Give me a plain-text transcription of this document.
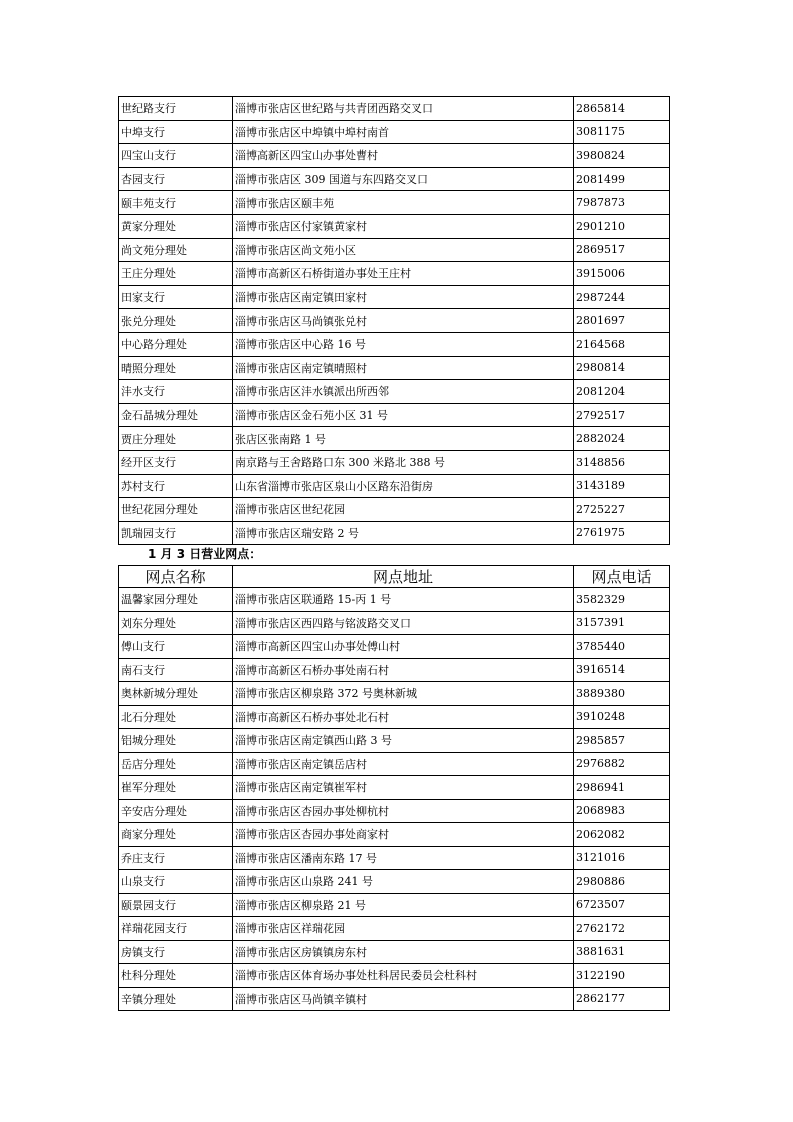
世纪路支行	淄博市张店区世纪路与共青团西路交叉口	2865814
中埠支行	淄博市张店区中埠镇中埠村南首	3081175
四宝山支行	淄博高新区四宝山办事处曹村	3980824
杏园支行	淄博市张店区 309 国道与东四路交叉口	2081499
颐丰苑支行	淄博市张店区颐丰苑	7987873
黄家分理处	淄博市张店区付家镇黄家村	2901210
尚文苑分理处	淄博市张店区尚文苑小区	2869517
王庄分理处	淄博市高新区石桥街道办事处王庄村	3915006
田家支行	淄博市张店区南定镇田家村	2987244
张兑分理处	淄博市张店区马尚镇张兑村	2801697
中心路分理处	淄博市张店区中心路 16 号	2164568
晴照分理处	淄博市张店区南定镇晴照村	2980814
沣水支行	淄博市张店区沣水镇派出所西邻	2081204
金石晶城分理处	淄博市张店区金石苑小区 31 号	2792517
贾庄分理处	张店区张南路 1 号	2882024
经开区支行	南京路与王舍路路口东 300 米路北 388 号	3148856
苏村支行	山东省淄博市张店区泉山小区路东沿街房	3143189
世纪花园分理处	淄博市张店区世纪花园	2725227
凯瑞园支行	淄博市张店区瑞安路 2 号	2761975
1 月 3 日营业网点：
网点名称	网点地址	网点电话
温馨家园分理处	淄博市张店区联通路 15-丙 1 号	3582329
刘东分理处	淄博市张店区西四路与铭波路交叉口	3157391
傅山支行	淄博市高新区四宝山办事处傅山村	3785440
南石支行	淄博市高新区石桥办事处南石村	3916514
奥林新城分理处	淄博市张店区柳泉路 372 号奥林新城	3889380
北石分理处	淄博市高新区石桥办事处北石村	3910248
铝城分理处	淄博市张店区南定镇西山路 3 号	2985857
岳店分理处	淄博市张店区南定镇岳店村	2976882
崔军分理处	淄博市张店区南定镇崔军村	2986941
辛安店分理处	淄博市张店区杏园办事处柳杭村	2068983
商家分理处	淄博市张店区杏园办事处商家村	2062082
乔庄支行	淄博市张店区潘南东路 17 号	3121016
山泉支行	淄博市张店区山泉路 241 号	2980886
颐景园支行	淄博市张店区柳泉路 21 号	6723507
祥瑞花园支行	淄博市张店区祥瑞花园	2762172
房镇支行	淄博市张店区房镇镇房东村	3881631
杜科分理处	淄博市张店区体育场办事处杜科居民委员会杜科村	3122190
辛镇分理处	淄博市张店区马尚镇辛镇村	2862177
